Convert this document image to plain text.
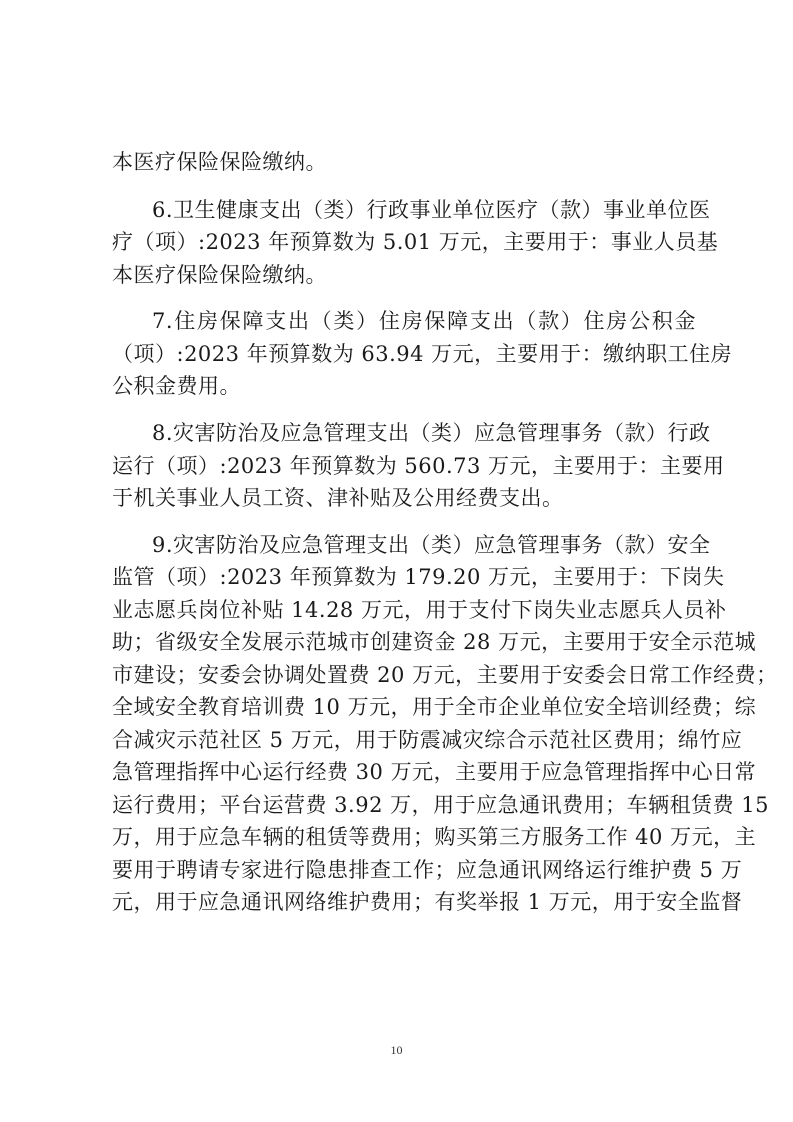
本医疗保险保险缴纳。
6.卫生健康支出（类）行政事业单位医疗（款）事业单位医
疗（项）:2023 年预算数为 5.01 万元，主要用于：事业人员基
本医疗保险保险缴纳。
7.住房保障支出（类）住房保障支出（款）住房公积金
（项）:2023 年预算数为 63.94 万元，主要用于：缴纳职工住房
公积金费用。
8.灾害防治及应急管理支出（类）应急管理事务（款）行政
运行（项）:2023 年预算数为 560.73 万元，主要用于：主要用
于机关事业人员工资、津补贴及公用经费支出。
9.灾害防治及应急管理支出（类）应急管理事务（款）安全
监管（项）:2023 年预算数为 179.20 万元，主要用于：下岗失
业志愿兵岗位补贴 14.28 万元，用于支付下岗失业志愿兵人员补
助；省级安全发展示范城市创建资金 28 万元，主要用于安全示范城
市建设；安委会协调处置费 20 万元，主要用于安委会日常工作经费；
全域安全教育培训费 10 万元，用于全市企业单位安全培训经费；综
合减灾示范社区 5 万元，用于防震减灾综合示范社区费用；绵竹应
急管理指挥中心运行经费 30 万元，主要用于应急管理指挥中心日常
运行费用；平台运营费 3.92 万，用于应急通讯费用；车辆租赁费 15
万，用于应急车辆的租赁等费用；购买第三方服务工作 40 万元，主
要用于聘请专家进行隐患排查工作；应急通讯网络运行维护费 5 万
元，用于应急通讯网络维护费用；有奖举报 1 万元，用于安全监督
10
